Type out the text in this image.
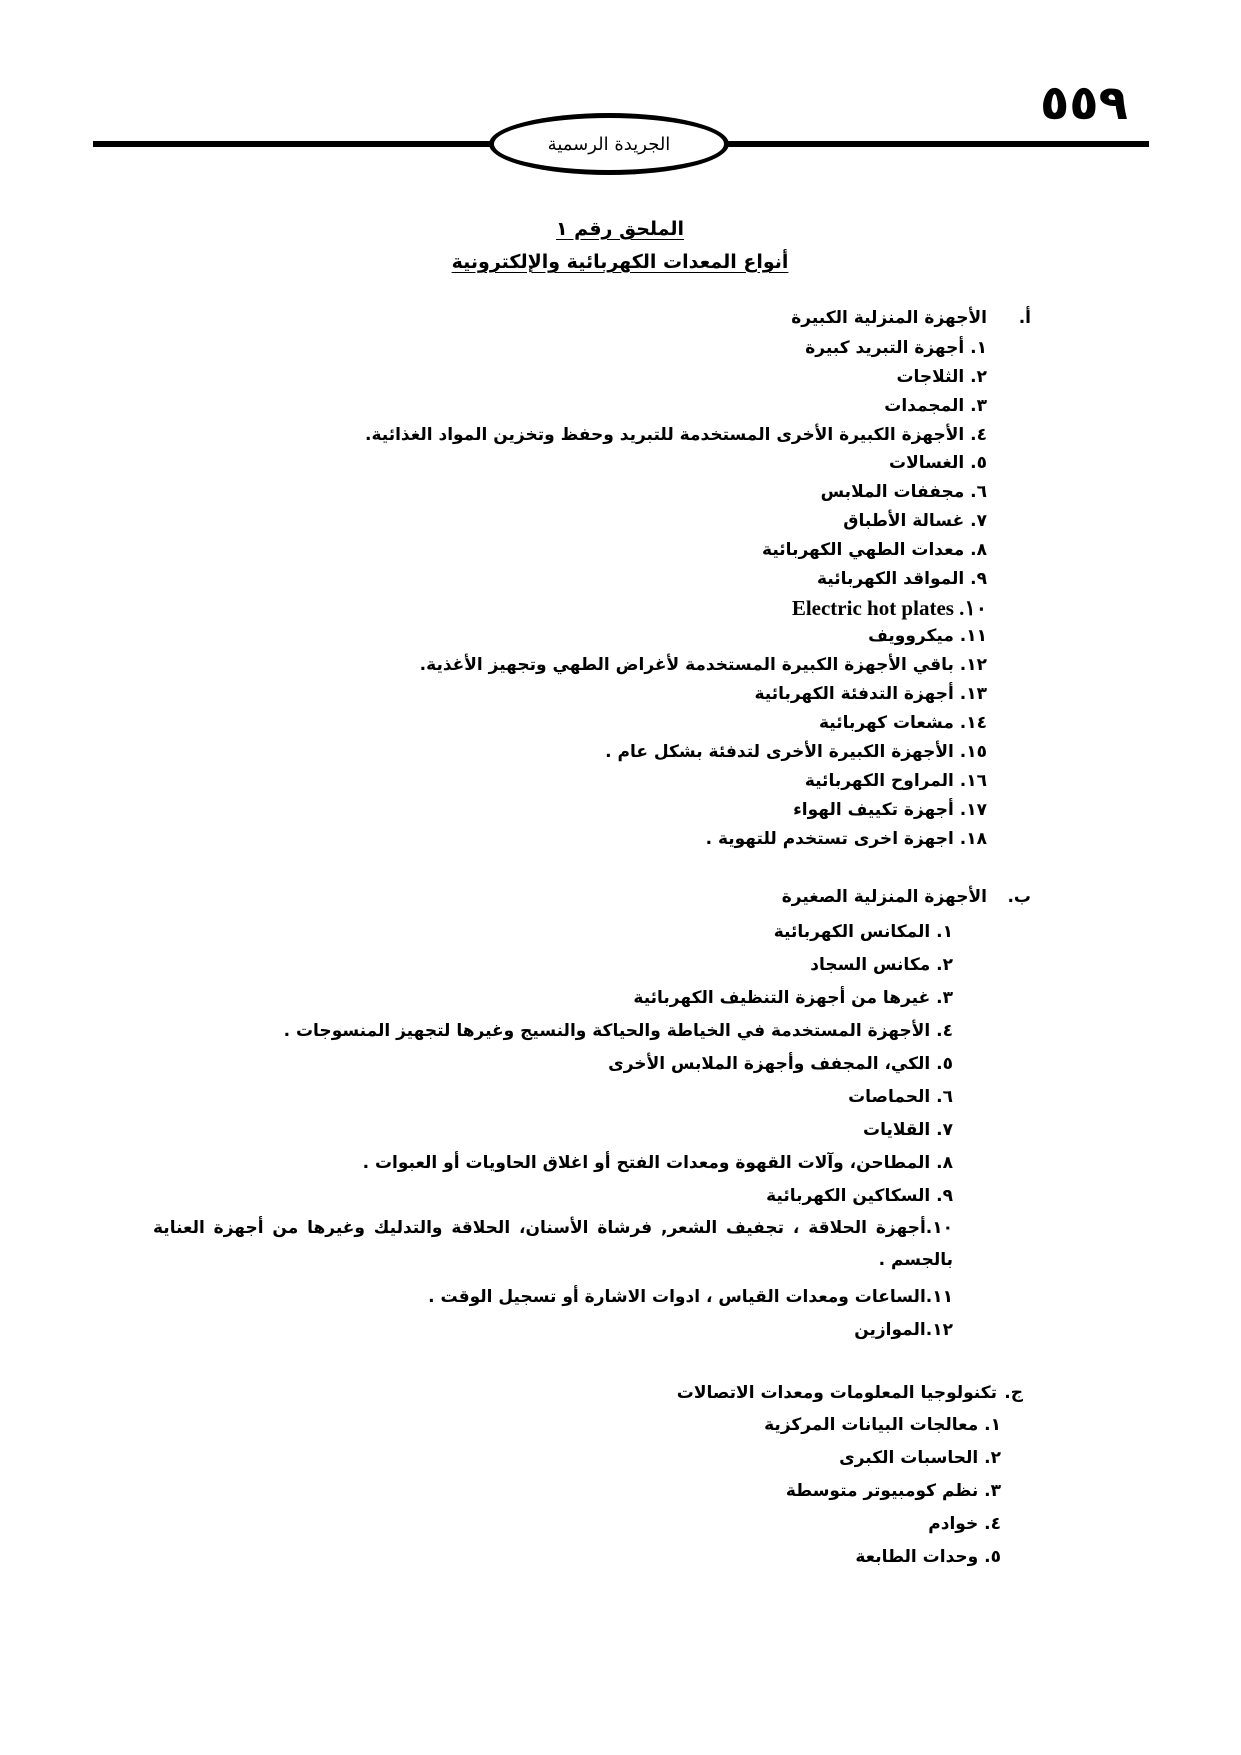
٥٥٩
الجريدة الرسمية
الملحق رقم ١
أنواع المعدات الكهربائية والإلكترونية
أ.الأجهزة المنزلية الكبيرة
١. أجهزة التبريد كبيرة
٢. الثلاجات
٣. المجمدات
٤. الأجهزة الكبيرة الأخرى المستخدمة للتبريد وحفظ وتخزين المواد الغذائية.
٥. الغسالات
٦. مجففات الملابس
٧. غسالة الأطباق
٨. معدات الطهي الكهربائية
٩. المواقد الكهربائية
Electric hot plates .١٠
١١. ميكروويف
١٢. باقي الأجهزة الكبيرة المستخدمة لأغراض الطهي وتجهيز الأغذية.
١٣. أجهزة التدفئة الكهربائية
١٤. مشعات كهربائية
١٥. الأجهزة الكبيرة الأخرى لتدفئة بشكل عام .
١٦. المراوح الكهربائية
١٧. أجهزة تكييف الهواء
١٨. اجهزة اخرى تستخدم للتهوية .
ب.الأجهزة المنزلية الصغيرة
١. المكانس الكهربائية
٢. مكانس السجاد
٣. غيرها من أجهزة التنظيف الكهربائية
٤. الأجهزة المستخدمة في الخياطة والحياكة والنسيج وغيرها لتجهيز المنسوجات .
٥. الكي، المجفف وأجهزة الملابس الأخرى
٦. الحماصات
٧. القلايات
٨. المطاحن، وآلات القهوة ومعدات الفتح أو اغلاق الحاويات أو العبوات .
٩. السكاكين الكهربائية
١٠.أجهزة الحلاقة ، تجفيف الشعر, فرشاة الأسنان، الحلاقة والتدليك وغيرها من أجهزة العناية بالجسم .
١١.الساعات ومعدات القياس ، ادوات الاشارة أو تسجيل الوقت .
١٢.الموازين
ج.تكنولوجيا المعلومات ومعدات الاتصالات
١. معالجات البيانات المركزية
٢. الحاسبات الكبرى
٣. نظم كومبيوتر متوسطة
٤. خوادم
٥. وحدات الطابعة
